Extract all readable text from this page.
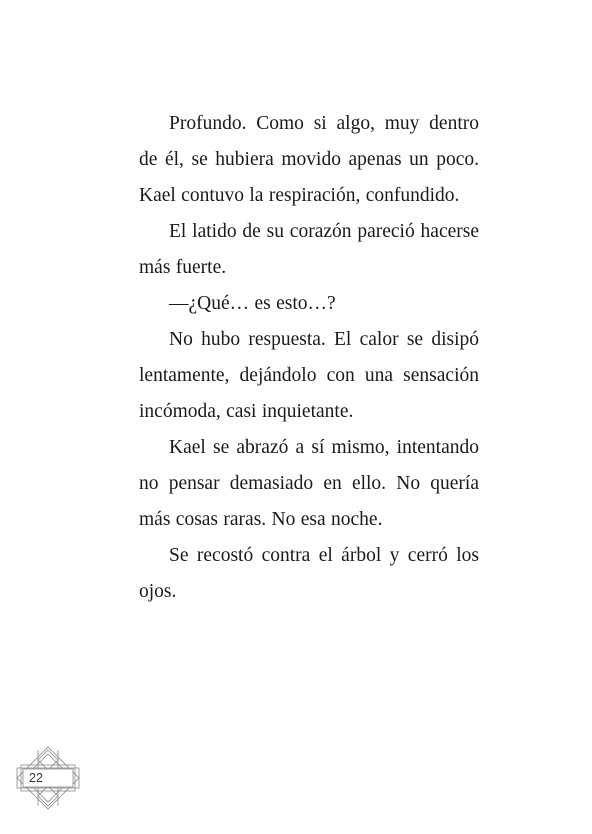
Profundo. Como si algo, muy dentro de él, se hubiera movido apenas un poco. Kael contuvo la respiración, confundido.

El latido de su corazón pareció hacerse más fuerte.

—¿Qué… es esto…?

No hubo respuesta. El calor se disipó lentamente, dejándolo con una sensación incómoda, casi inquietante.

Kael se abrazó a sí mismo, intentando no pensar demasiado en ello. No quería más cosas raras. No esa noche.

Se recostó contra el árbol y cerró los ojos.

22
